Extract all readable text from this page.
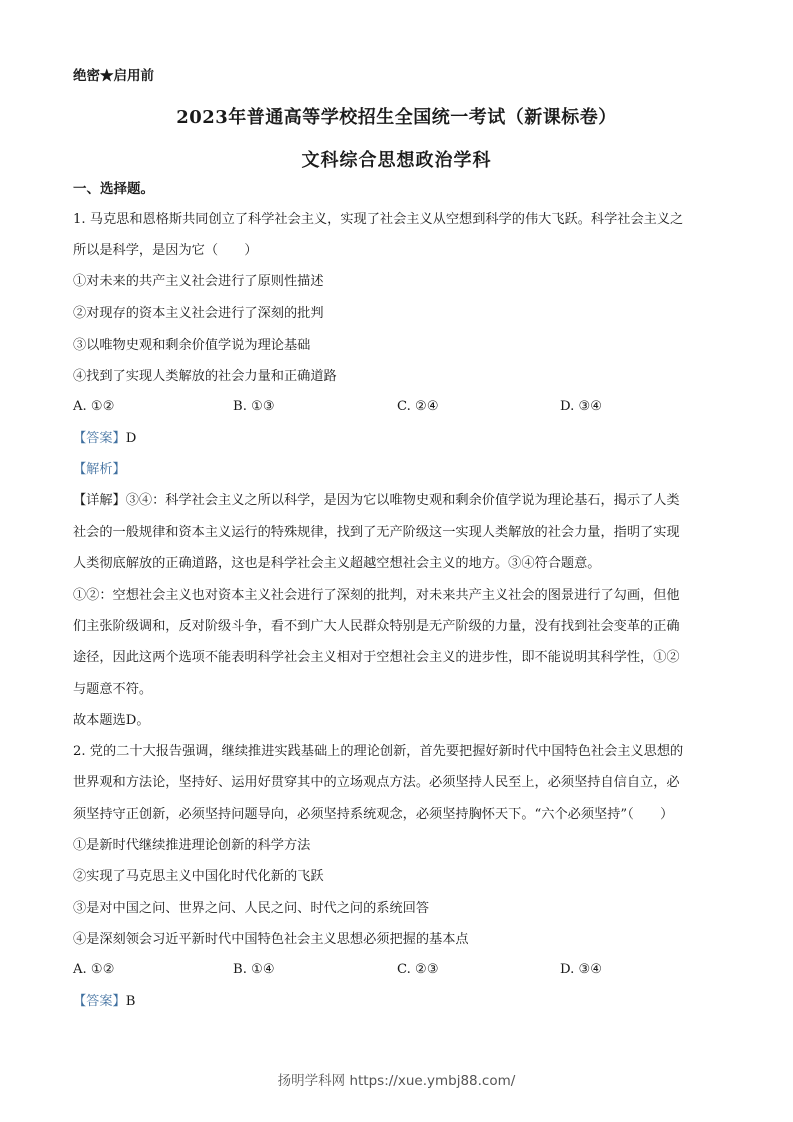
绝密★启用前
2023年普通高等学校招生全国统一考试（新课标卷）
文科综合思想政治学科
一、选择题。
1. 马克思和恩格斯共同创立了科学社会主义，实现了社会主义从空想到科学的伟大飞跃。科学社会主义之
所以是科学，是因为它（　　）
①对未来的共产主义社会进行了原则性描述
②对现存的资本主义社会进行了深刻的批判
③以唯物史观和剩余价值学说为理论基础
④找到了实现人类解放的社会力量和正确道路
A. ①②	B. ①③	C. ②④	D. ③④
【答案】D
【解析】
【详解】③④：科学社会主义之所以科学，是因为它以唯物史观和剩余价值学说为理论基石，揭示了人类
社会的一般规律和资本主义运行的特殊规律，找到了无产阶级这一实现人类解放的社会力量，指明了实现
人类彻底解放的正确道路，这也是科学社会主义超越空想社会主义的地方。③④符合题意。
①②：空想社会主义也对资本主义社会进行了深刻的批判，对未来共产主义社会的图景进行了勾画，但他
们主张阶级调和，反对阶级斗争，看不到广大人民群众特别是无产阶级的力量，没有找到社会变革的正确
途径，因此这两个选项不能表明科学社会主义相对于空想社会主义的进步性，即不能说明其科学性，①②
与题意不符。
故本题选D。
2. 党的二十大报告强调，继续推进实践基础上的理论创新，首先要把握好新时代中国特色社会主义思想的
世界观和方法论，坚持好、运用好贯穿其中的立场观点方法。必须坚持人民至上，必须坚持自信自立，必
须坚持守正创新，必须坚持问题导向，必须坚持系统观念，必须坚持胸怀天下。“六个必须坚持”（　　）
①是新时代继续推进理论创新的科学方法
②实现了马克思主义中国化时代化新的飞跃
③是对中国之问、世界之问、人民之问、时代之问的系统回答
④是深刻领会习近平新时代中国特色社会主义思想必须把握的基本点
A. ①②	B. ①④	C. ②③	D. ③④
【答案】B
扬明学科网 https://xue.ymbj88.com/
